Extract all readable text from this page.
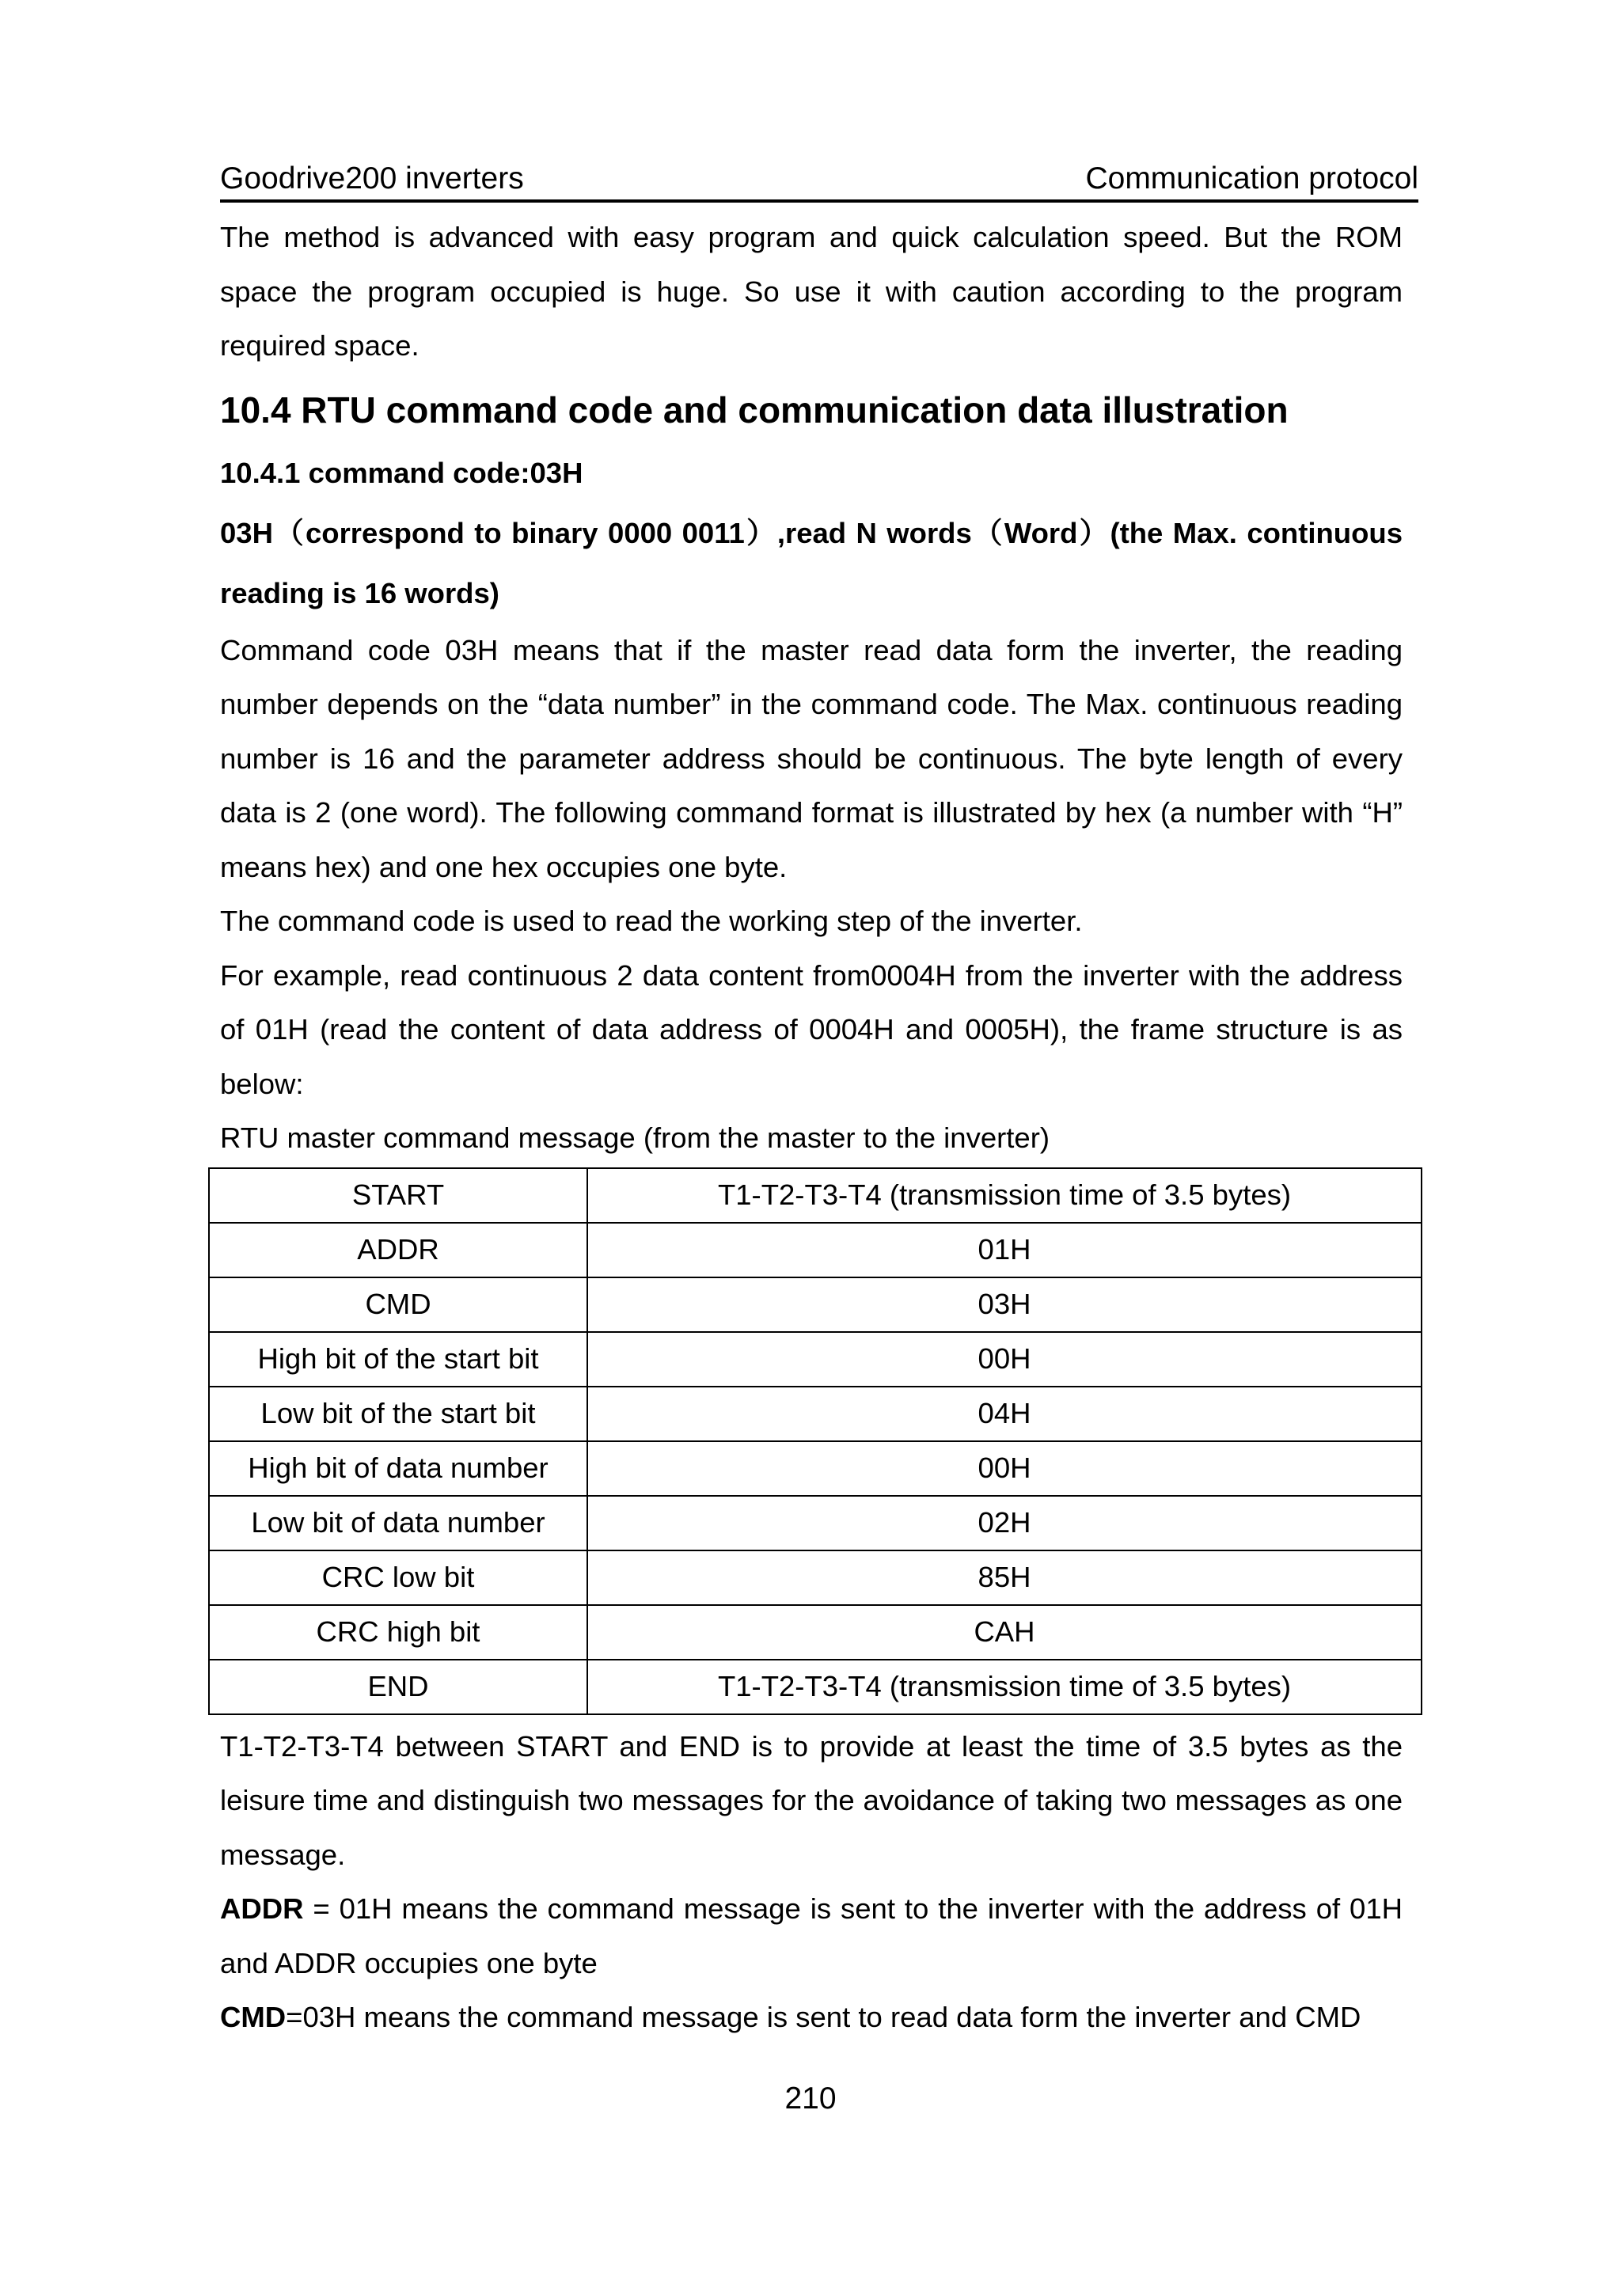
Goodrive200 inverters	Communication protocol

The method is advanced with easy program and quick calculation speed. But the ROM space the program occupied is huge. So use it with caution according to the program required space.

10.4 RTU command code and communication data illustration
10.4.1 command code:03H

03H（correspond to binary 0000 0011）,read N words（Word）(the Max. continuous reading is 16 words)

Command code 03H means that if the master read data form the inverter, the reading number depends on the “data number” in the command code. The Max. continuous reading number is 16 and the parameter address should be continuous. The byte length of every data is 2 (one word). The following command format is illustrated by hex (a number with “H” means hex) and one hex occupies one byte.

The command code is used to read the working step of the inverter.

For example, read continuous 2 data content from0004H from the inverter with the address of 01H (read the content of data address of 0004H and 0005H), the frame structure is as below:

RTU master command message (from the master to the inverter)

START	T1-T2-T3-T4 (transmission time of 3.5 bytes)
ADDR	01H
CMD	03H
High bit of the start bit	00H
Low bit of the start bit	04H
High bit of data number	00H
Low bit of data number	02H
CRC low bit	85H
CRC high bit	CAH
END	T1-T2-T3-T4 (transmission time of 3.5 bytes)

T1-T2-T3-T4 between START and END is to provide at least the time of 3.5 bytes as the leisure time and distinguish two messages for the avoidance of taking two messages as one message.

ADDR = 01H means the command message is sent to the inverter with the address of 01H and ADDR occupies one byte

CMD=03H means the command message is sent to read data form the inverter and CMD

210
